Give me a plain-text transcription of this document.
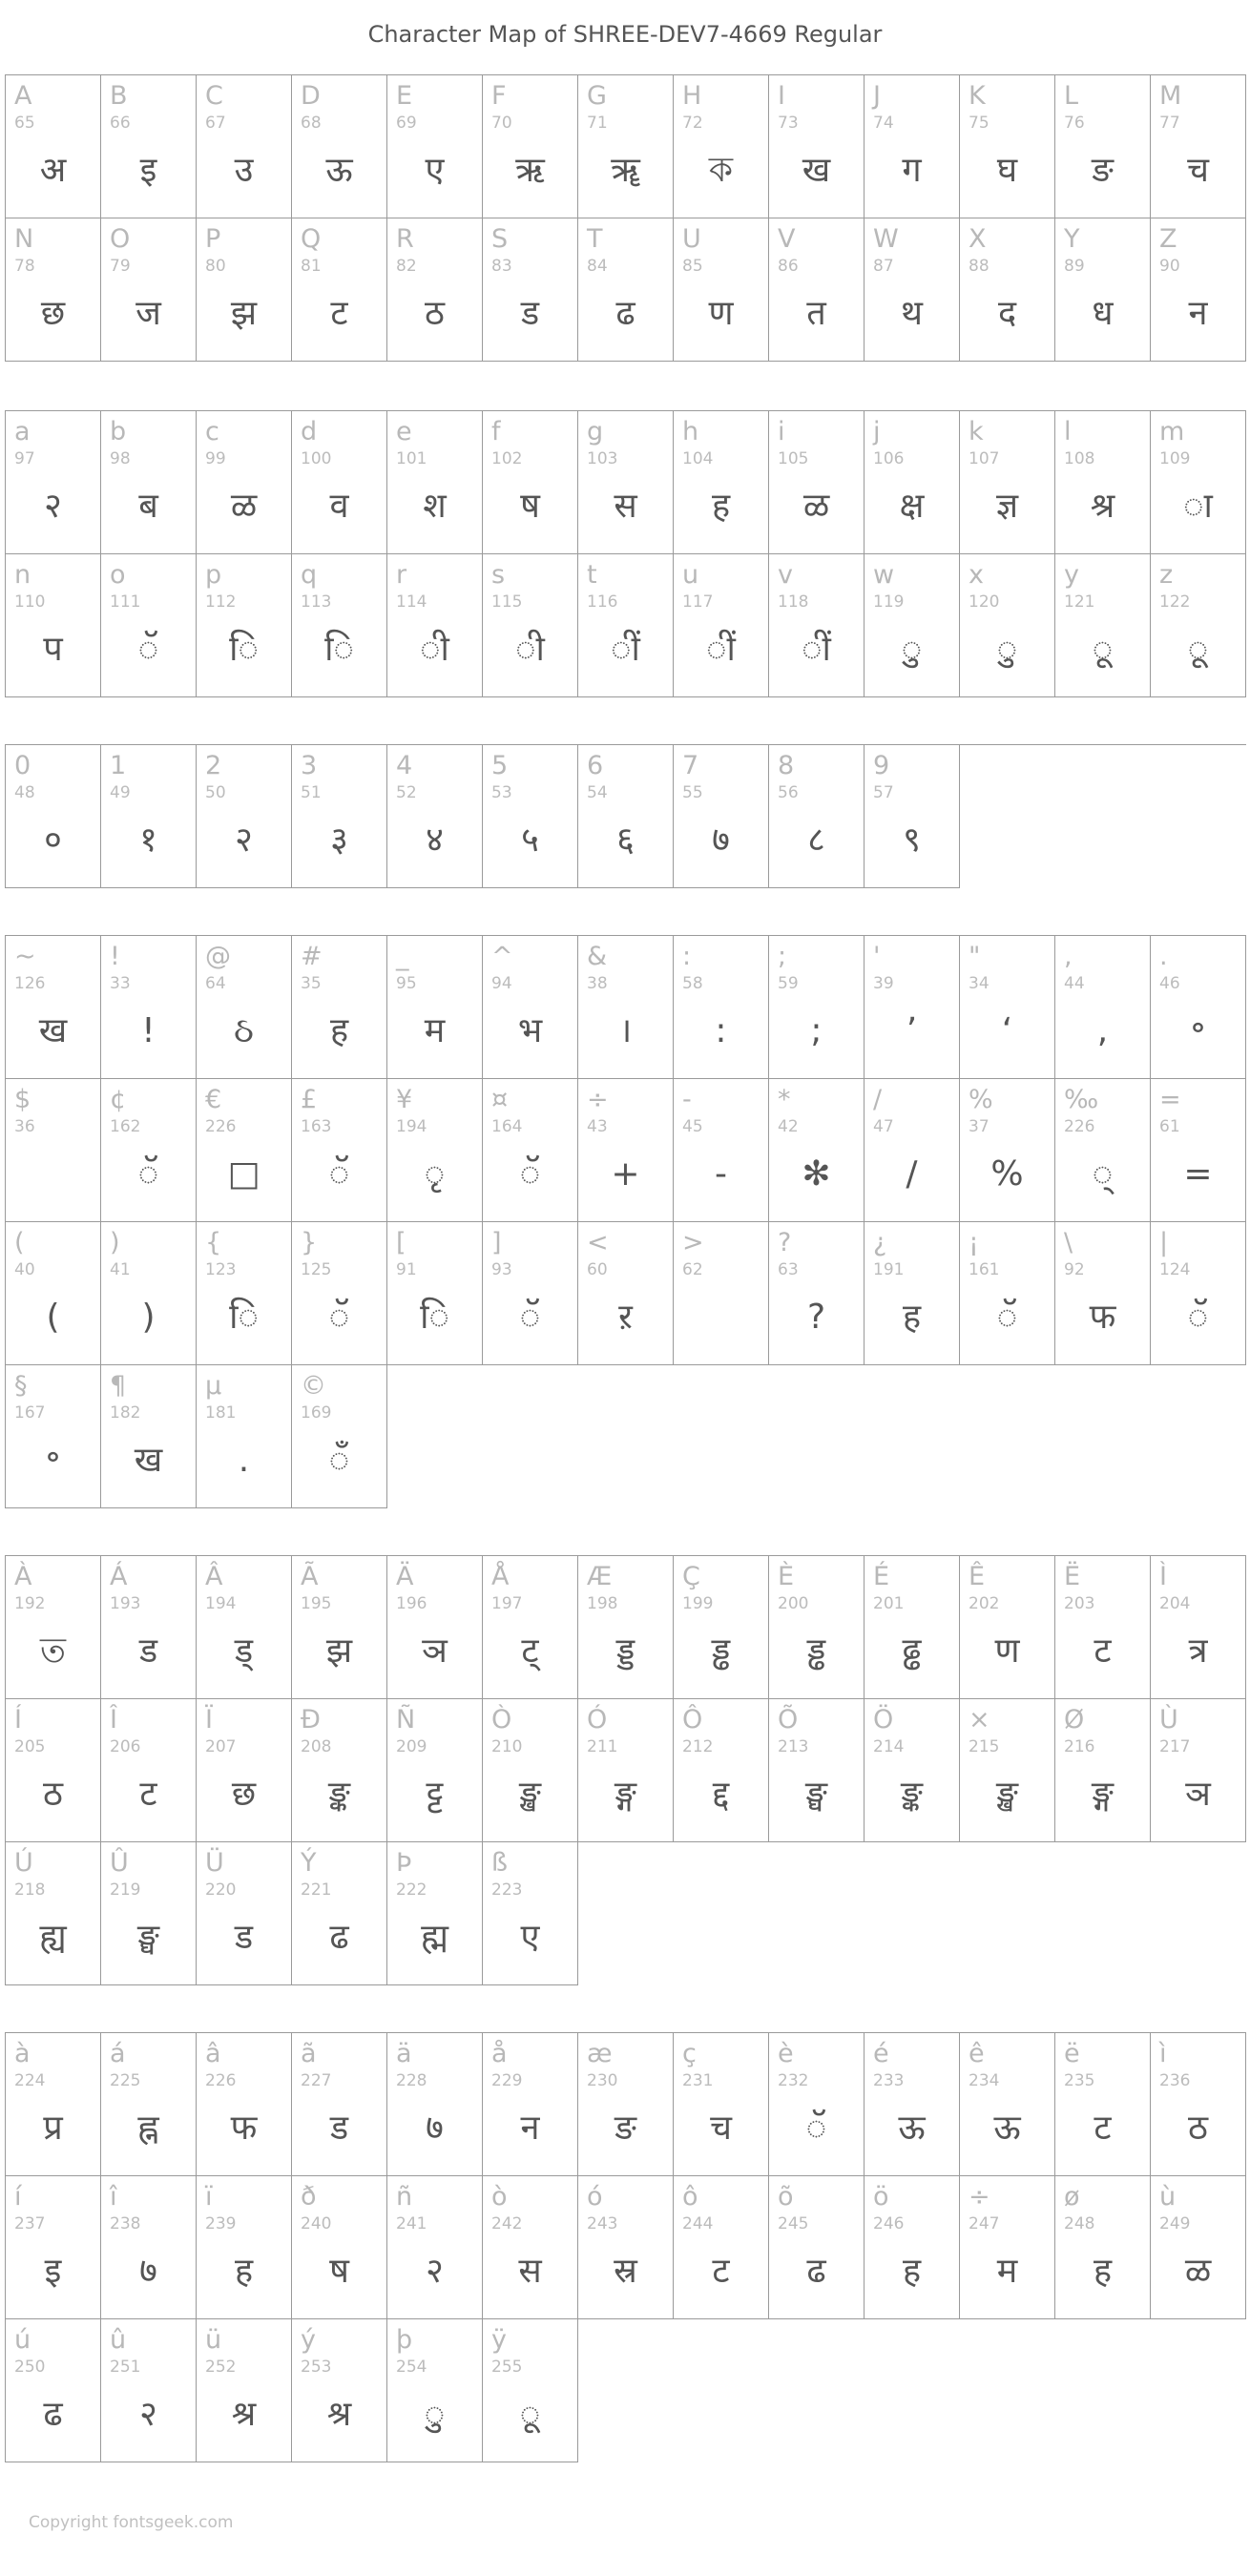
Character Map of SHREE-DEV7-4669 Regular
A
65
अ
B
66
इ
C
67
उ
D
68
ऊ
E
69
ए
F
70
ऋ
G
71
ॠ
H
72
ক
I
73
ख
J
74
ग
K
75
घ
L
76
ङ
M
77
च
N
78
छ
O
79
ज
P
80
झ
Q
81
ट
R
82
ठ
S
83
ड
T
84
ढ
U
85
ण
V
86
त
W
87
थ
X
88
द
Y
89
ध
Z
90
न
a
97
२
b
98
ब
c
99
ळ
d
100
व
e
101
श
f
102
ष
g
103
स
h
104
ह
i
105
ळ
j
106
क्ष
k
107
ज्ञ
l
108
श्र
m
109
ा
n
110
प
o
111
ॅ
p
112
ि
q
113
ि
r
114
ी
s
115
ी
t
116
ीं
u
117
ीं
v
118
ीं
w
119
ु
x
120
ु
y
121
ू
z
122
ू
0
48
०
1
49
१
2
50
२
3
51
३
4
52
४
5
53
५
6
54
६
7
55
७
8
56
८
9
57
९
~
126
ख
!
33
!
@
64
ઠ
#
35
ह
_
95
म
^
94
भ
&
38
।
:
58
:
;
59
;
'
39
’
"
34
‘
,
44
,
.
46
॰
$
36
¢
162
ॅ
€
226
□
£
163
ॅ
¥
194
ृ
¤
164
ॅ
÷
43
+
-
45
-
*
42
✻
/
47
/
%
37
%
‰
226
्
=
61
=
(
40
(
)
41
)
{
123
ि
}
125
ॅ
[
91
ि
]
93
ॅ
<
60
ऱ
>
62
?
63
?
¿
191
ह
¡
161
ॅ
\
92
फ
|
124
ॅ
§
167
॰
¶
182
ख
µ
181
.
©
169
ँ
À
192
ত
Á
193
ड
Â
194
ड्
Ã
195
झ
Ä
196
ञ
Å
197
ट्
Æ
198
ड्ड
Ç
199
ड्ढ
È
200
ड्ढ
É
201
ढ्ढ
Ê
202
ण
Ë
203
ट
Ì
204
त्र
Í
205
ठ
Î
206
ट
Ï
207
छ
Ð
208
ङ्क
Ñ
209
ट्ट
Ò
210
ङ्ख
Ó
211
ङ्ग
Ô
212
द्द
Õ
213
ङ्घ
Ö
214
ङ्क
×
215
ङ्ख
Ø
216
ङ्ग
Ù
217
ञ
Ú
218
ह्य
Û
219
ङ्घ
Ü
220
ड
Ý
221
ढ
Þ
222
ह्म
ß
223
ए
à
224
प्र
á
225
ह्न
â
226
फ
ã
227
ड
ä
228
७
å
229
न
æ
230
ङ
ç
231
च
è
232
ॅ
é
233
ऊ
ê
234
ऊ
ë
235
ट
ì
236
ठ
í
237
इ
î
238
७
ï
239
ह
ð
240
ष
ñ
241
२
ò
242
स
ó
243
स्र
ô
244
ट
õ
245
ढ
ö
246
ह
÷
247
म
ø
248
ह
ù
249
ळ
ú
250
ढ
û
251
२
ü
252
श्र
ý
253
श्र
þ
254
ु
ÿ
255
ू
Copyright fontsgeek.com
